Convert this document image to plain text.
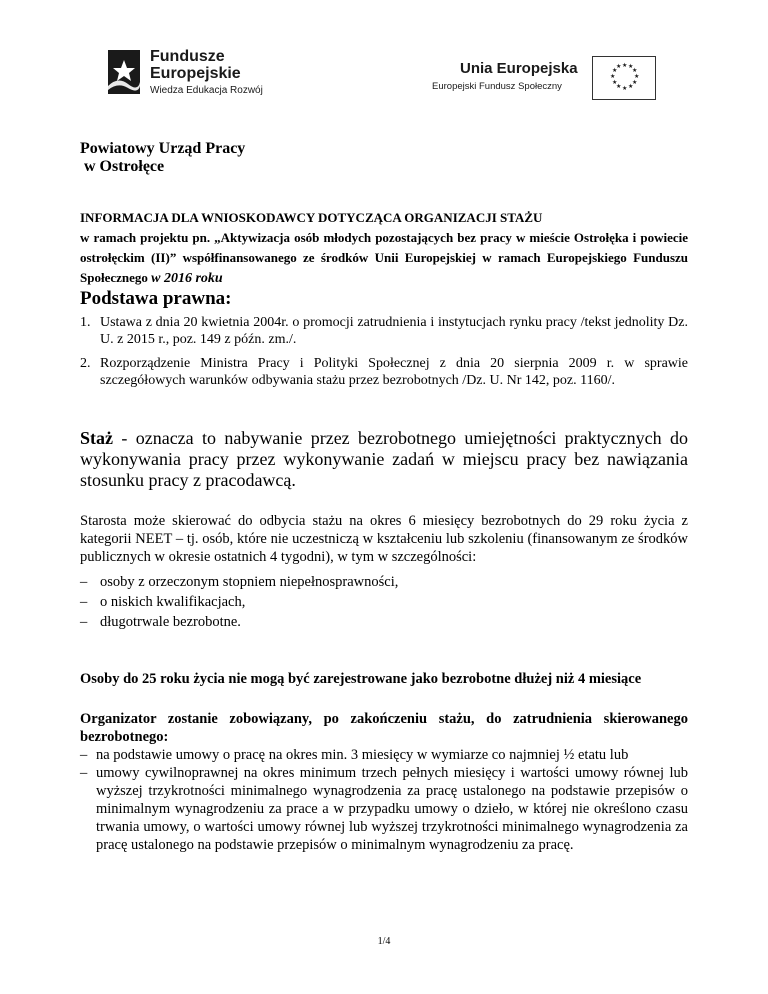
Fundusze
Europejskie
Wiedza Edukacja Rozwój
Unia Europejska
Europejski Fundusz Społeczny
★ ★
★
★
★
★
★
★
★
★
★
★
Powiatowy Urząd Pracy
w Ostrołęce
INFORMACJA DLA WNIOSKODAWCY DOTYCZĄCA ORGANIZACJI STAŻU
w ramach projektu pn. „Aktywizacja osób młodych pozostających bez pracy w mieście Ostrołęka i powiecie ostrołęckim (II)” współfinansowanego ze środków Unii Europejskiej w ramach Europejskiego Funduszu Społecznego w 2016 roku
Podstawa prawna:
1. Ustawa z dnia 20 kwietnia 2004r. o promocji zatrudnienia i instytucjach rynku pracy /tekst jednolity Dz. U. z 2015 r., poz. 149 z późn. zm./.
2. Rozporządzenie Ministra Pracy i Polityki Społecznej z dnia 20 sierpnia 2009 r. w sprawie szczegółowych warunków odbywania stażu przez bezrobotnych /Dz. U. Nr 142, poz. 1160/.
Staż - oznacza to nabywanie przez bezrobotnego umiejętności praktycznych do wykonywania pracy przez wykonywanie zadań w miejscu pracy bez nawiązania stosunku pracy z pracodawcą.
Starosta może skierować do odbycia stażu na okres 6 miesięcy bezrobotnych do 29 roku życia z kategorii NEET – tj. osób, które nie uczestniczą w kształceniu lub szkoleniu (finansowanym ze środków publicznych w okresie ostatnich 4 tygodni), w tym w szczególności:
– osoby z orzeczonym stopniem niepełnosprawności,
– o niskich kwalifikacjach,
– długotrwale bezrobotne.
Osoby do 25 roku życia nie mogą być zarejestrowane jako bezrobotne dłużej niż 4 miesiące
Organizator zostanie zobowiązany, po zakończeniu stażu, do zatrudnienia skierowanego bezrobotnego:
– na podstawie umowy o pracę na okres min. 3 miesięcy w wymiarze co najmniej ½ etatu lub
– umowy cywilnoprawnej na okres minimum trzech pełnych miesięcy i wartości umowy równej lub wyższej trzykrotności minimalnego wynagrodzenia za pracę ustalonego na podstawie przepisów o minimalnym wynagrodzeniu za prace a w przypadku umowy o dzieło, w której nie określono czasu trwania umowy, o wartości umowy równej lub wyższej trzykrotności minimalnego wynagrodzenia za pracę ustalonego na podstawie przepisów o minimalnym wynagrodzeniu za pracę.
1/4
